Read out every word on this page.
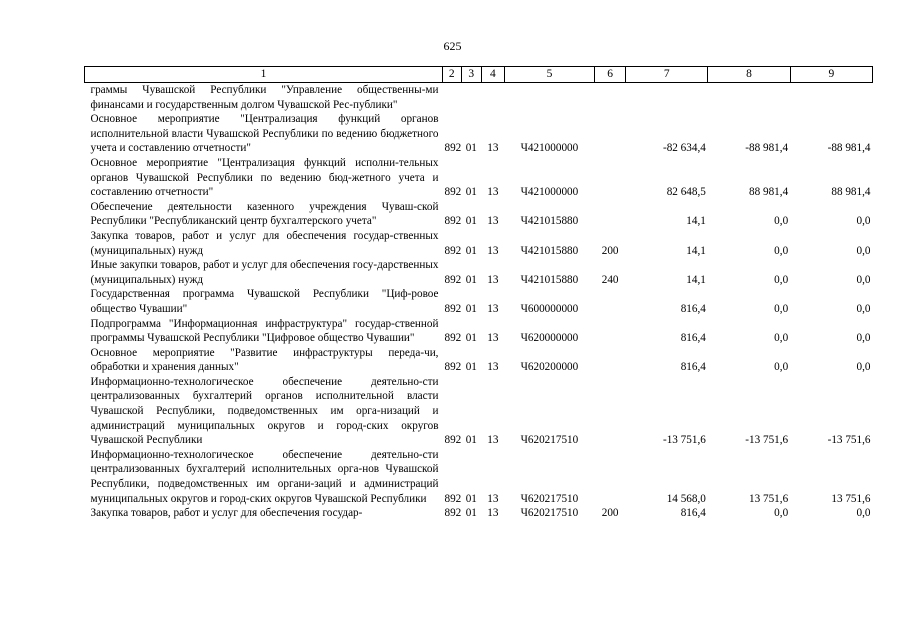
625
1	2	3	4	5	6	7	8	9
граммы Чувашской Республики "Управление общественны-ми финансами и государственным долгом Чувашской Рес-публики"								
Основное мероприятие "Централизация функций органов исполнительной власти Чувашской Республики по ведению бюджетного учета и составлению отчетности"	892	01	13	Ч421000000		-82 634,4	-88 981,4	-88 981,4
Основное мероприятие "Централизация функций исполни-тельных органов Чувашской Республики по ведению бюд-жетного учета и составлению отчетности"	892	01	13	Ч421000000		82 648,5	88 981,4	88 981,4
Обеспечение деятельности казенного учреждения Чуваш-ской Республики "Республиканский центр бухгалтерского учета"	892	01	13	Ч421015880		14,1	0,0	0,0
Закупка товаров, работ и услуг для обеспечения государ-ственных (муниципальных) нужд	892	01	13	Ч421015880	200	14,1	0,0	0,0
Иные закупки товаров, работ и услуг для обеспечения госу-дарственных (муниципальных) нужд	892	01	13	Ч421015880	240	14,1	0,0	0,0
Государственная программа Чувашской Республики "Циф-ровое общество Чувашии"	892	01	13	Ч600000000		816,4	0,0	0,0
Подпрограмма "Информационная инфраструктура" государ-ственной программы Чувашской Республики "Цифровое общество Чувашии"	892	01	13	Ч620000000		816,4	0,0	0,0
Основное мероприятие "Развитие инфраструктуры переда-чи, обработки и хранения данных"	892	01	13	Ч620200000		816,4	0,0	0,0
Информационно-технологическое обеспечение деятельно-сти централизованных бухгалтерий органов исполнительной власти Чувашской Республики, подведомственных им орга-низаций и администраций муниципальных округов и город-ских округов Чувашской Республики	892	01	13	Ч620217510		-13 751,6	-13 751,6	-13 751,6
Информационно-технологическое обеспечение деятельно-сти централизованных бухгалтерий исполнительных орга-нов Чувашской Республики, подведомственных им органи-заций и администраций муниципальных округов и город-ских округов Чувашской Республики	892	01	13	Ч620217510		14 568,0	13 751,6	13 751,6
Закупка товаров, работ и услуг для обеспечения государ-	892	01	13	Ч620217510	200	816,4	0,0	0,0
